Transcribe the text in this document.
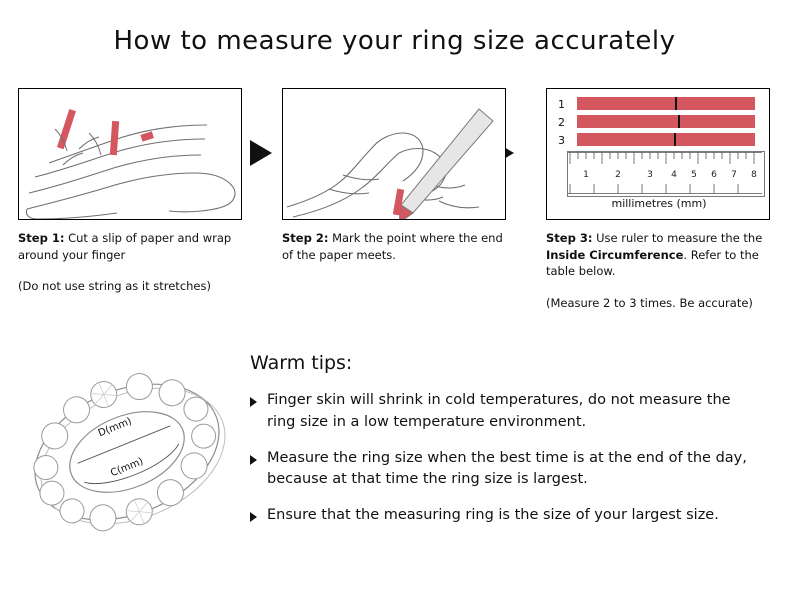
How to measure your ring size accurately
Step 1: Cut a slip of paper and wrap around your finger
(Do not use string as it stretches)
Step 2: Mark the point where the end of the paper meets.
1
2
3
1	2	3 4 5 6 7 8
millimetres (mm)
Step 3: Use ruler to measure the the Inside Circumference. Refer to the table below.
(Measure 2 to 3 times. Be accurate)
D(mm)
C(mm)
Warm tips:
Finger skin will shrink in cold temperatures, do not measure the ring size in a low temperature environment.
Measure the ring size when the best time is at the end of the day, because at that time the ring size is largest.
Ensure that the measuring ring is the size of your largest size.
